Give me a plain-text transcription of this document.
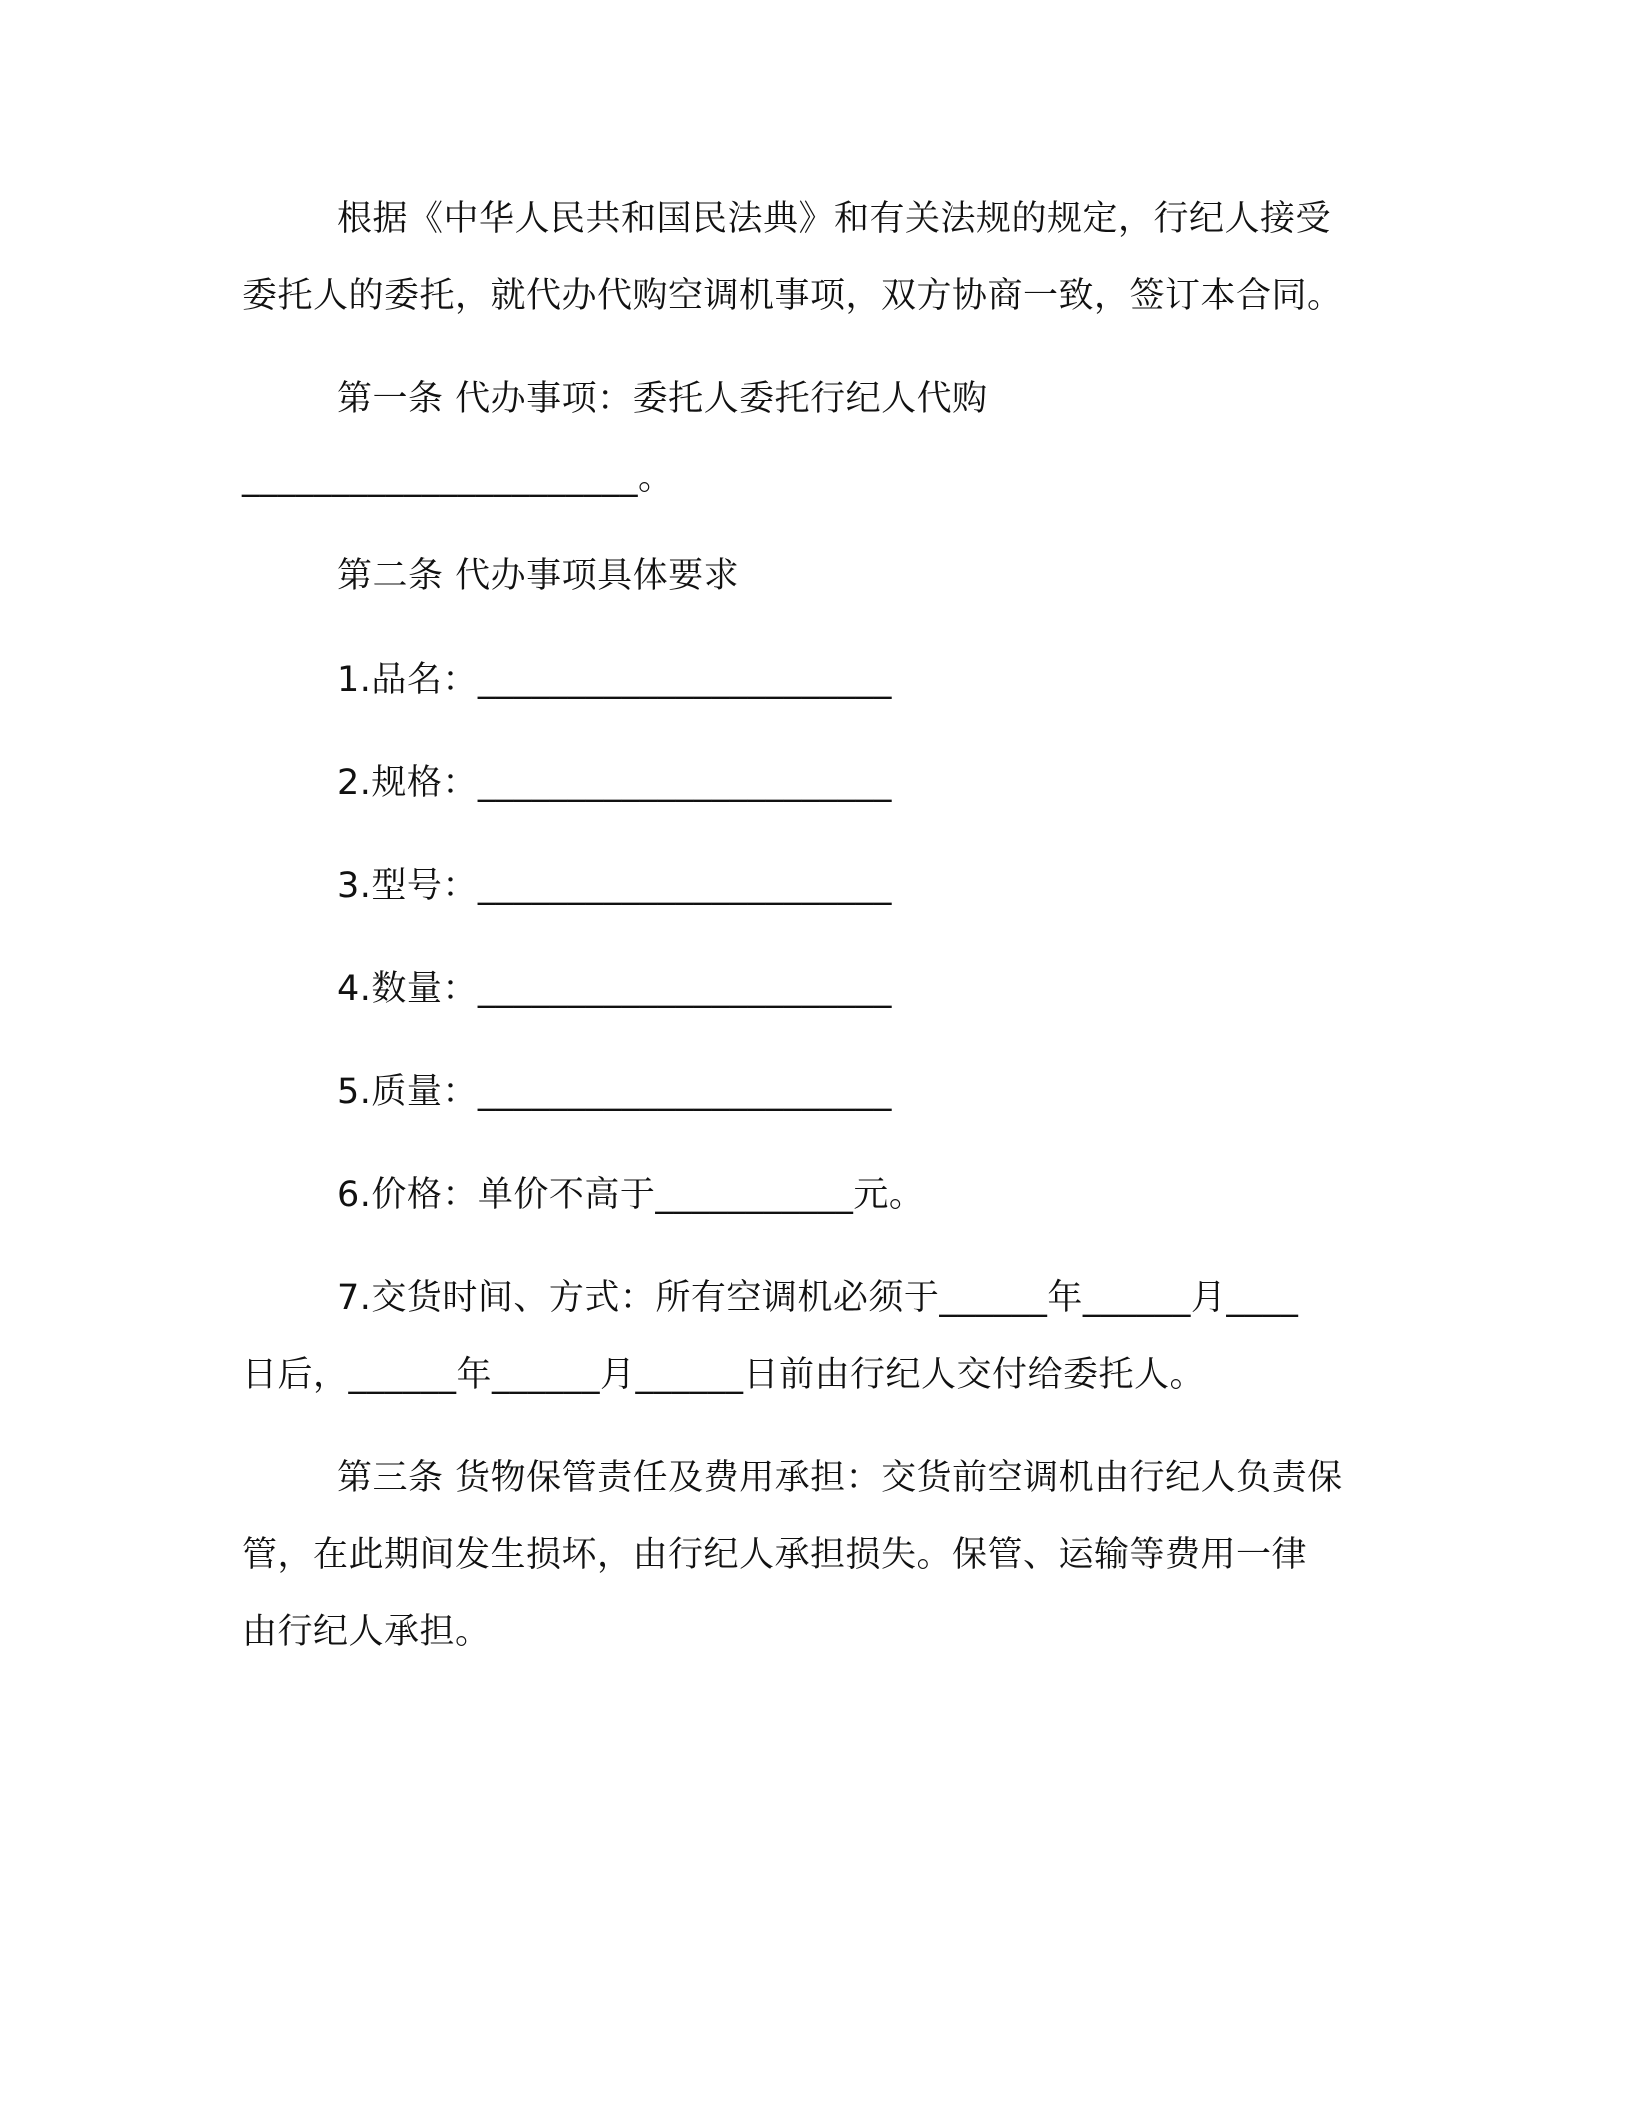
根据《中华人民共和国民法典》和有关法规的规定，行纪人接受
委托人的委托，就代办代购空调机事项，双方协商一致，签订本合同。
第一条 代办事项：委托人委托行纪人代购
______________________。
第二条 代办事项具体要求
1.品名：_______________________
2.规格：_______________________
3.型号：_______________________
4.数量：_______________________
5.质量：_______________________
6.价格：单价不高于___________元。
7.交货时间、方式：所有空调机必须于______年______月____
日后，______年______月______日前由行纪人交付给委托人。
第三条 货物保管责任及费用承担：交货前空调机由行纪人负责保
管，在此期间发生损坏，由行纪人承担损失。保管、运输等费用一律
由行纪人承担。
